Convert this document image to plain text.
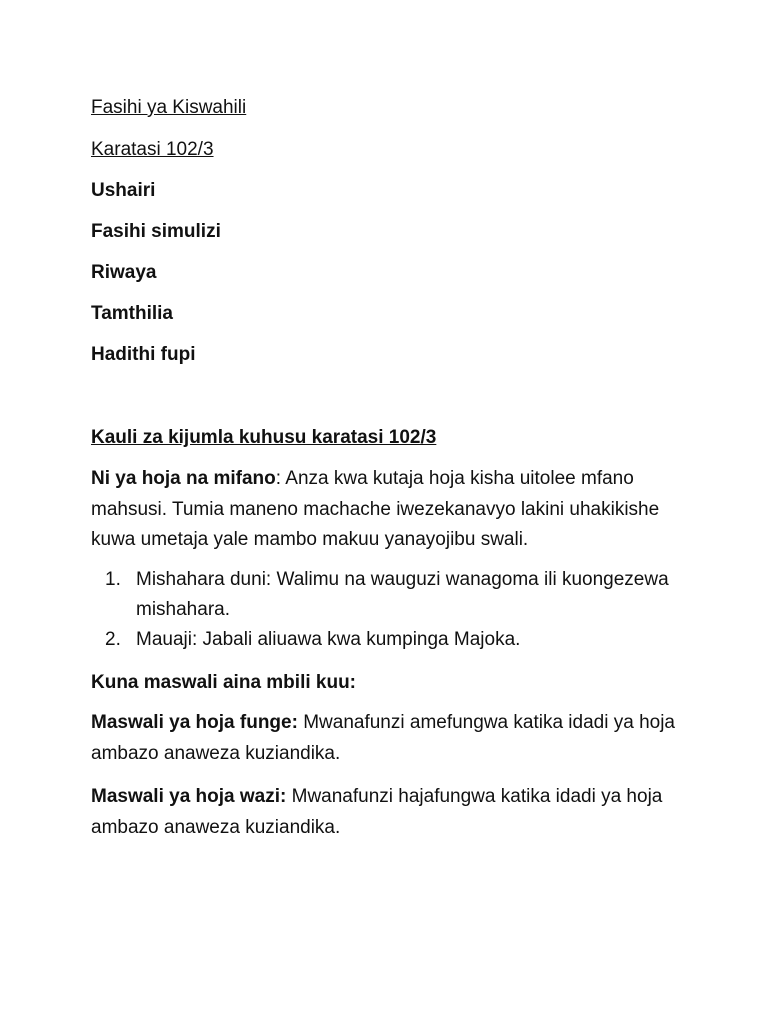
Fasihi ya Kiswahili

Karatasi 102/3

Ushairi

Fasihi simulizi

Riwaya

Tamthilia

Hadithi fupi

Kauli za kijumla kuhusu karatasi 102/3

Ni ya hoja na mifano: Anza kwa kutaja hoja kisha uitolee mfano mahsusi. Tumia maneno machache iwezekanavyo lakini uhakikishe kuwa umetaja yale mambo makuu yanayojibu swali.

1. Mishahara duni: Walimu na wauguzi wanagoma ili kuongezewa mishahara.
2. Mauaji: Jabali aliuawa kwa kumpinga Majoka.

Kuna maswali aina mbili kuu:

Maswali ya hoja funge: Mwanafunzi amefungwa katika idadi ya hoja ambazo anaweza kuziandika.

Maswali ya hoja wazi: Mwanafunzi hajafungwa katika idadi ya hoja ambazo anaweza kuziandika.
